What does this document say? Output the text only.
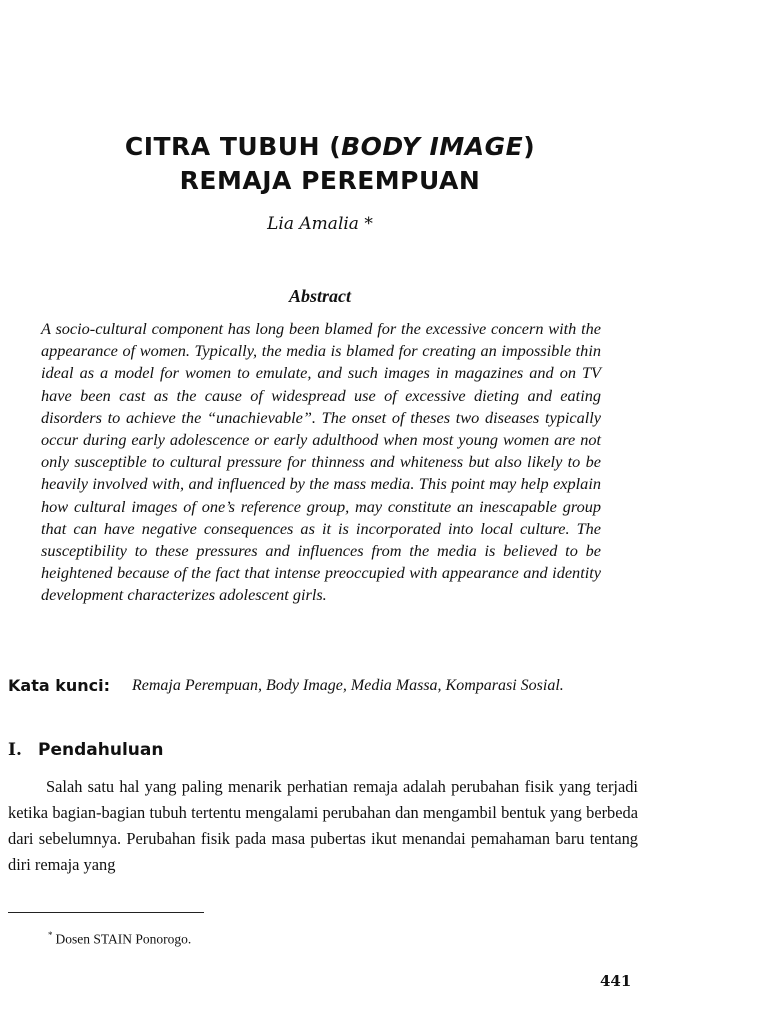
CITRA TUBUH (BODY IMAGE)
REMAJA PEREMPUAN
Lia Amalia *
Abstract

A socio-cultural component has long been blamed for the excessive concern with the appearance of women. Typically, the media is blamed for creating an impossible thin ideal as a model for women to emulate, and such images in magazines and on TV have been cast as the cause of widespread use of excessive dieting and eating disorders to achieve the “unachievable”. The onset of theses two diseases typically occur during early adolescence or early adulthood when most young women are not only susceptible to cultural pressure for thinness and whiteness but also likely to be heavily involved with, and influenced by the mass media. This point may help explain how cultural images of one’s reference group, may constitute an inescapable group that can have negative consequences as it is incorporated into local culture. The susceptibility to these pressures and influences from the media is believed to be heightened because of the fact that intense preoccupied with appearance and identity development characterizes adolescent girls.

Kata kunci: Remaja Perempuan, Body Image, Media Massa, Komparasi Sosial.
I. Pendahuluan

Salah satu hal yang paling menarik perhatian remaja adalah perubahan fisik yang terjadi ketika bagian-bagian tubuh tertentu mengalami perubahan dan mengambil bentuk yang berbeda dari sebelumnya. Perubahan fisik pada masa pubertas ikut menandai pemahaman baru tentang diri remaja yang

* Dosen STAIN Ponorogo.
441
